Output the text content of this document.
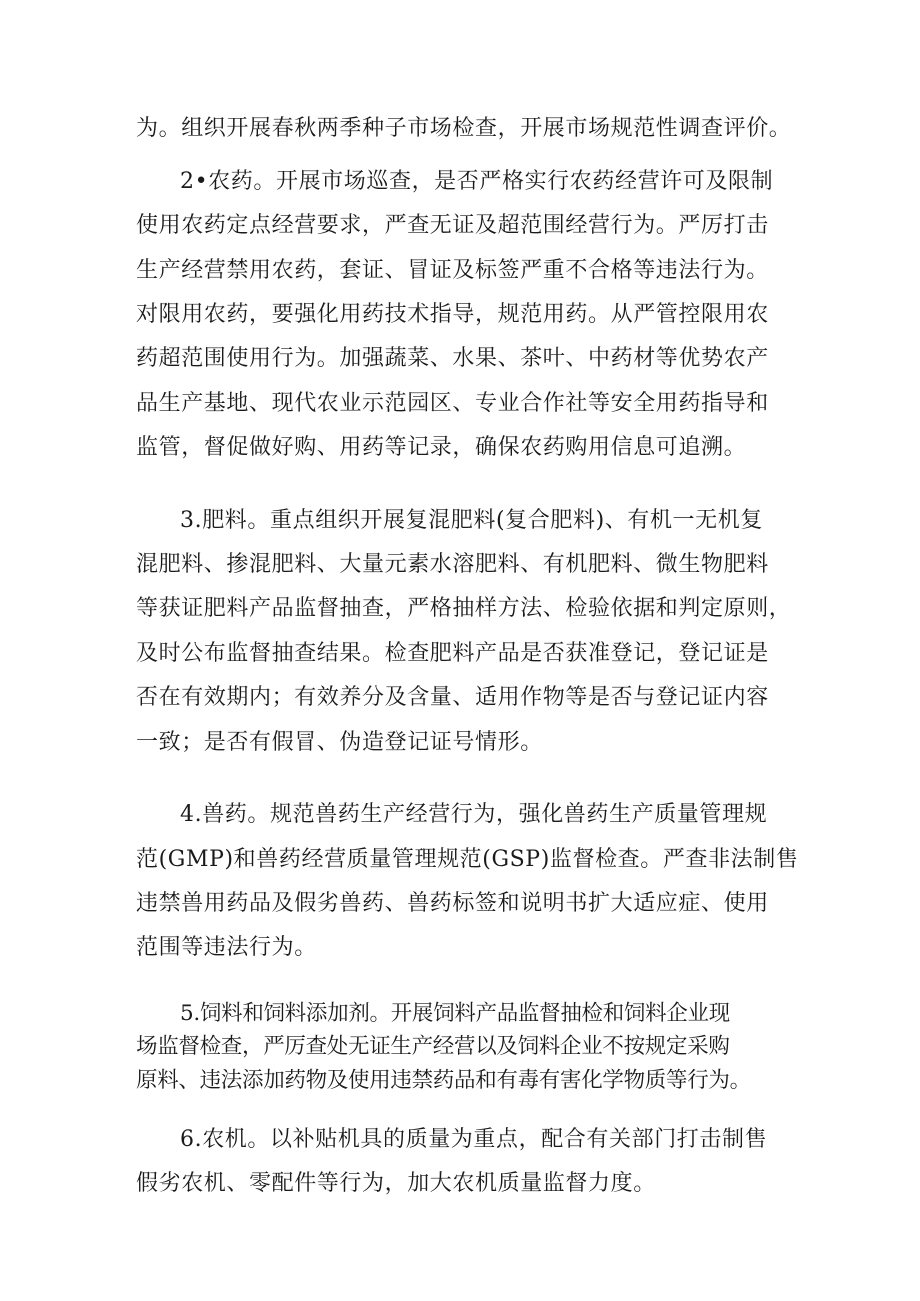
为。组织开展春秋两季种子市场检查，开展市场规范性调查评价。
2•农药。开展市场巡查，是否严格实行农药经营许可及限制
使用农药定点经营要求，严查无证及超范围经营行为。严厉打击
生产经营禁用农药，套证、冒证及标签严重不合格等违法行为。
对限用农药，要强化用药技术指导，规范用药。从严管控限用农
药超范围使用行为。加强蔬菜、水果、茶叶、中药材等优势农产
品生产基地、现代农业示范园区、专业合作社等安全用药指导和
监管，督促做好购、用药等记录，确保农药购用信息可追溯。
3.肥料。重点组织开展复混肥料(复合肥料)、有机一无机复
混肥料、掺混肥料、大量元素水溶肥料、有机肥料、微生物肥料
等获证肥料产品监督抽查，严格抽样方法、检验依据和判定原则，
及时公布监督抽查结果。检查肥料产品是否获准登记，登记证是
否在有效期内；有效养分及含量、适用作物等是否与登记证内容
一致；是否有假冒、伪造登记证号情形。
4.兽药。规范兽药生产经营行为，强化兽药生产质量管理规
范(GMP)和兽药经营质量管理规范(GSP)监督检查。严查非法制售
违禁兽用药品及假劣兽药、兽药标签和说明书扩大适应症、使用
范围等违法行为。
5.饲料和饲料添加剂。开展饲料产品监督抽检和饲料企业现
场监督检查，严厉查处无证生产经营以及饲料企业不按规定采购
原料、违法添加药物及使用违禁药品和有毒有害化学物质等行为。
6.农机。以补贴机具的质量为重点，配合有关部门打击制售
假劣农机、零配件等行为，加大农机质量监督力度。
